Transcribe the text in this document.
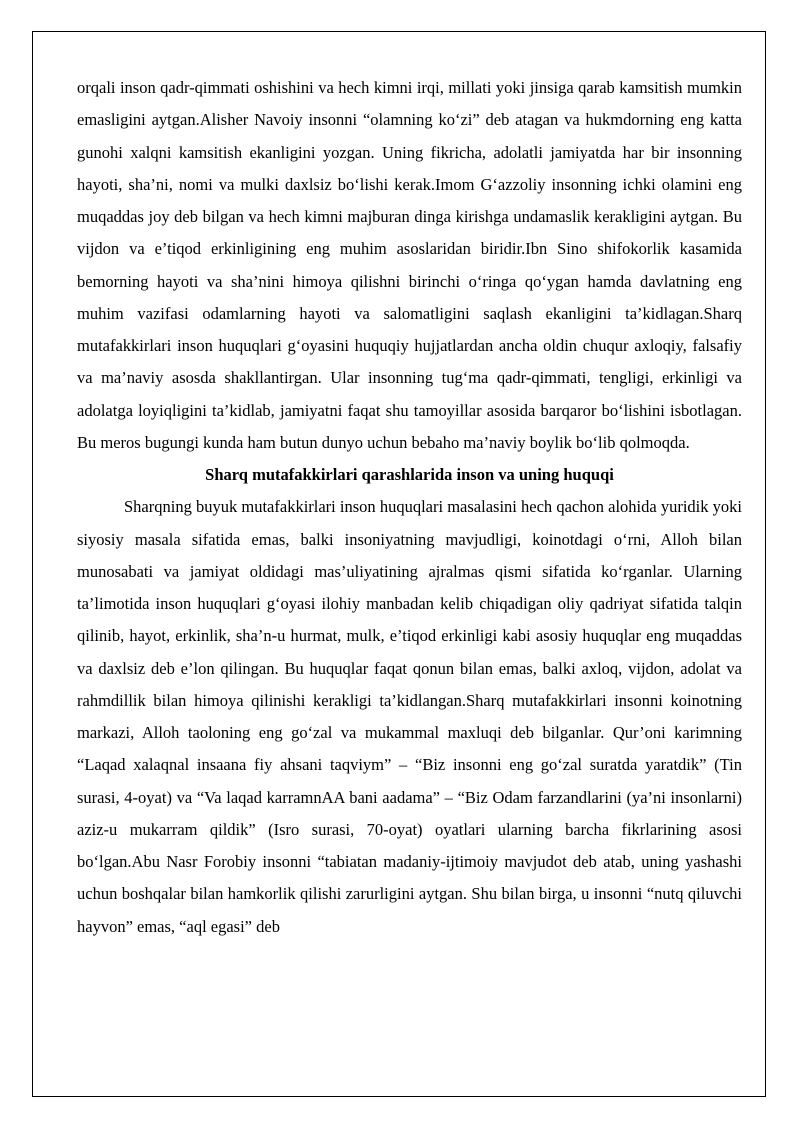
orqali inson qadr-qimmati oshishini va hech kimni irqi, millati yoki jinsiga qarab kamsitish mumkin emasligini aytgan.Alisher Navoiy insonni “olamning ko‘zi” deb atagan va hukmdorning eng katta gunohi xalqni kamsitish ekanligini yozgan. Uning fikricha, adolatli jamiyatda har bir insonning hayoti, sha’ni, nomi va mulki daxlsiz bo‘lishi kerak.Imom G‘azzoliy insonning ichki olamini eng muqaddas joy deb bilgan va hech kimni majburan dinga kirishga undamaslik kerakligini aytgan. Bu vijdon va e’tiqod erkinligining eng muhim asoslaridan biridir.Ibn Sino shifokorlik kasamida bemorning hayoti va sha’nini himoya qilishni birinchi o‘ringa qo‘ygan hamda davlatning eng muhim vazifasi odamlarning hayoti va salomatligini saqlash ekanligini ta’kidlagan.Sharq mutafakkirlari inson huquqlari g‘oyasini huquqiy hujjatlardan ancha oldin chuqur axloqiy, falsafiy va ma’naviy asosda shakllantirgan. Ular insonning tug‘ma qadr-qimmati, tengligi, erkinligi va adolatga loyiqligini ta’kidlab, jamiyatni faqat shu tamoyillar asosida barqaror bo‘lishini isbotlagan. Bu meros bugungi kunda ham butun dunyo uchun bebaho ma’naviy boylik bo‘lib qolmoqda.

Sharq mutafakkirlari qarashlarida inson va uning huquqi

Sharqning buyuk mutafakkirlari inson huquqlari masalasini hech qachon alohida yuridik yoki siyosiy masala sifatida emas, balki insoniyatning mavjudligi, koinotdagi o‘rni, Alloh bilan munosabati va jamiyat oldidagi mas’uliyatining ajralmas qismi sifatida ko‘rganlar. Ularning ta’limotida inson huquqlari g‘oyasi ilohiy manbadan kelib chiqadigan oliy qadriyat sifatida talqin qilinib, hayot, erkinlik, sha’n-u hurmat, mulk, e’tiqod erkinligi kabi asosiy huquqlar eng muqaddas va daxlsiz deb e’lon qilingan. Bu huquqlar faqat qonun bilan emas, balki axloq, vijdon, adolat va rahmdillik bilan himoya qilinishi kerakligi ta’kidlangan.Sharq mutafakkirlari insonni koinotning markazi, Alloh taoloning eng go‘zal va mukammal maxluqi deb bilganlar. Qur’oni karimning “Laqad xalaqnal insaana fiy ahsani taqviym” – “Biz insonni eng go‘zal suratda yaratdik” (Tin surasi, 4-oyat) va “Va laqad karramnAA bani aadama” – “Biz Odam farzandlarini (ya’ni insonlarni) aziz-u mukarram qildik” (Isro surasi, 70-oyat) oyatlari ularning barcha fikrlarining asosi bo‘lgan.Abu Nasr Forobiy insonni “tabiatan madaniy-ijtimoiy mavjudot deb atab, uning yashashi uchun boshqalar bilan hamkorlik qilishi zarurligini aytgan. Shu bilan birga, u insonni “nutq qiluvchi hayvon” emas, “aql egasi” deb
